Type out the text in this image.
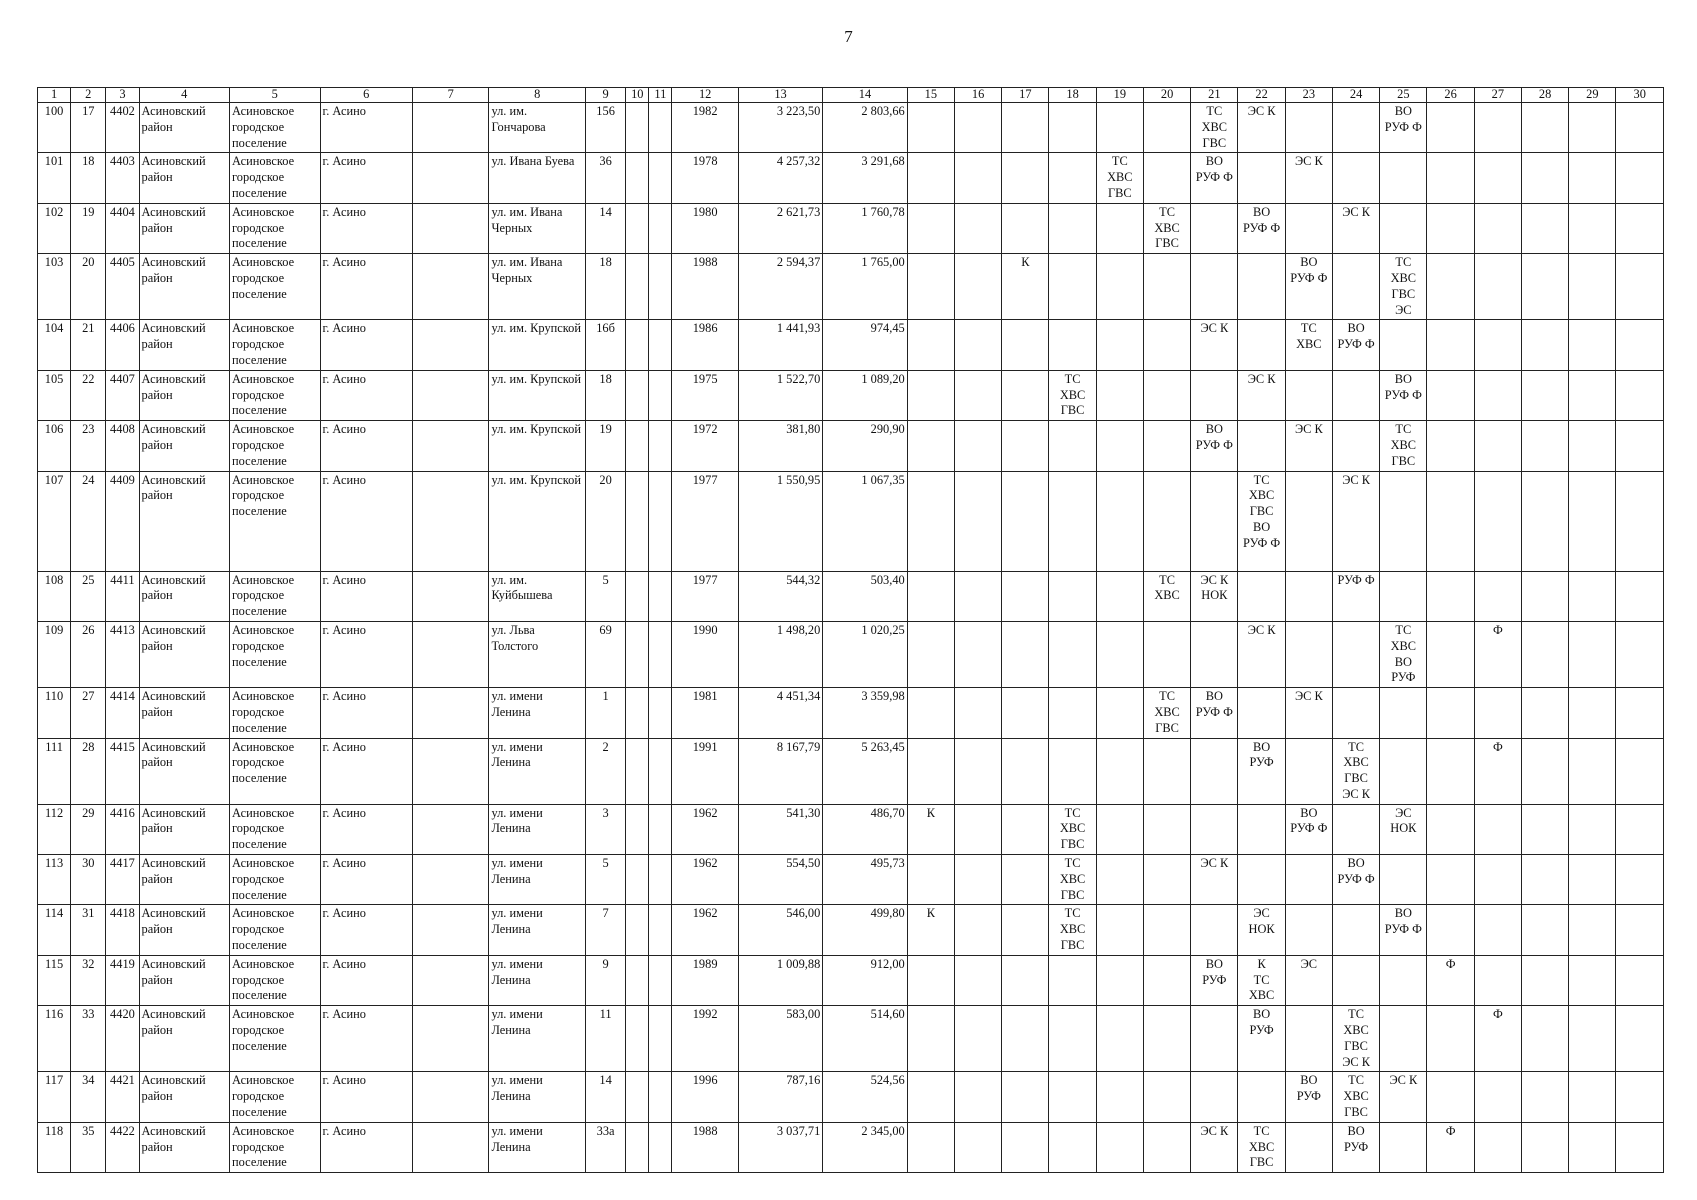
7
1	2	3	4	5	6	7	8	9	10	11	12	13	14	15	16	17	18	19	20	21	22	23	24	25	26	27	28	29	30
100	17	4402	Асиновский район	Асиновское городское поселение	г. Асино		ул. им. Гончарова	156			1982	3 223,50	2 803,66							ТС
ХВС
ГВС	ЭС К			ВО
РУФ Ф					

101	18	4403	Асиновский район	Асиновское городское поселение	г. Асино		ул. Ивана Буева	36			1978	4 257,32	3 291,68					ТС
ХВС
ГВС		ВО
РУФ Ф		ЭС К							

102	19	4404	Асиновский район	Асиновское городское поселение	г. Асино		ул. им. Ивана Черных	14			1980	2 621,73	1 760,78						ТС
ХВС
ГВС		ВО
РУФ Ф		ЭС К						

103	20	4405	Асиновский район	Асиновское городское поселение	г. Асино		ул. им. Ивана Черных	18			1988	2 594,37	1 765,00			К						ВО
РУФ Ф		ТС
ХВС
ГВС
ЭС					

104	21	4406	Асиновский район	Асиновское городское поселение	г. Асино		ул. им. Крупской	16б			1986	1 441,93	974,45							ЭС К		ТС
ХВС	ВО
РУФ Ф						

105	22	4407	Асиновский район	Асиновское городское поселение	г. Асино		ул. им. Крупской	18			1975	1 522,70	1 089,20				ТС
ХВС
ГВС				ЭС К			ВО
РУФ Ф					

106	23	4408	Асиновский район	Асиновское городское поселение	г. Асино		ул. им. Крупской	19			1972	381,80	290,90							ВО
РУФ Ф		ЭС К		ТС
ХВС
ГВС					

107	24	4409	Асиновский район	Асиновское городское поселение	г. Асино		ул. им. Крупской	20			1977	1 550,95	1 067,35								ТС
ХВС
ГВС
ВО
РУФ Ф		ЭС К						

108	25	4411	Асиновский район	Асиновское городское поселение	г. Асино		ул. им. Куйбышева	5			1977	544,32	503,40						ТС
ХВС	ЭС К
НОК			РУФ Ф						

109	26	4413	Асиновский район	Асиновское городское поселение	г. Асино		ул. Льва Толстого	69			1990	1 498,20	1 020,25								ЭС К			ТС
ХВС
ВО
РУФ		Ф			

110	27	4414	Асиновский район	Асиновское городское поселение	г. Асино		ул. имени Ленина	1			1981	4 451,34	3 359,98						ТС
ХВС
ГВС	ВО
РУФ Ф		ЭС К							

111	28	4415	Асиновский район	Асиновское городское поселение	г. Асино		ул. имени Ленина	2			1991	8 167,79	5 263,45								ВО
РУФ		ТС
ХВС
ГВС
ЭС К			Ф			

112	29	4416	Асиновский район	Асиновское городское поселение	г. Асино		ул. имени Ленина	3			1962	541,30	486,70	К			ТС
ХВС
ГВС					ВО
РУФ Ф		ЭС
НОК					

113	30	4417	Асиновский район	Асиновское городское поселение	г. Асино		ул. имени Ленина	5			1962	554,50	495,73				ТС
ХВС
ГВС			ЭС К			ВО
РУФ Ф						

114	31	4418	Асиновский район	Асиновское городское поселение	г. Асино		ул. имени Ленина	7			1962	546,00	499,80	К			ТС
ХВС
ГВС				ЭС
НОК			ВО
РУФ Ф					

115	32	4419	Асиновский район	Асиновское городское поселение	г. Асино		ул. имени Ленина	9			1989	1 009,88	912,00							ВО
РУФ	К
ТС
ХВС	ЭС			Ф				

116	33	4420	Асиновский район	Асиновское городское поселение	г. Асино		ул. имени Ленина	11			1992	583,00	514,60								ВО
РУФ		ТС
ХВС
ГВС
ЭС К			Ф			

117	34	4421	Асиновский район	Асиновское городское поселение	г. Асино		ул. имени Ленина	14			1996	787,16	524,56									ВО
РУФ	ТС
ХВС
ГВС	ЭС К					

118	35	4422	Асиновский район	Асиновское городское поселение	г. Асино		ул. имени Ленина	33а			1988	3 037,71	2 345,00							ЭС К	ТС
ХВС
ГВС		ВО
РУФ		Ф				
